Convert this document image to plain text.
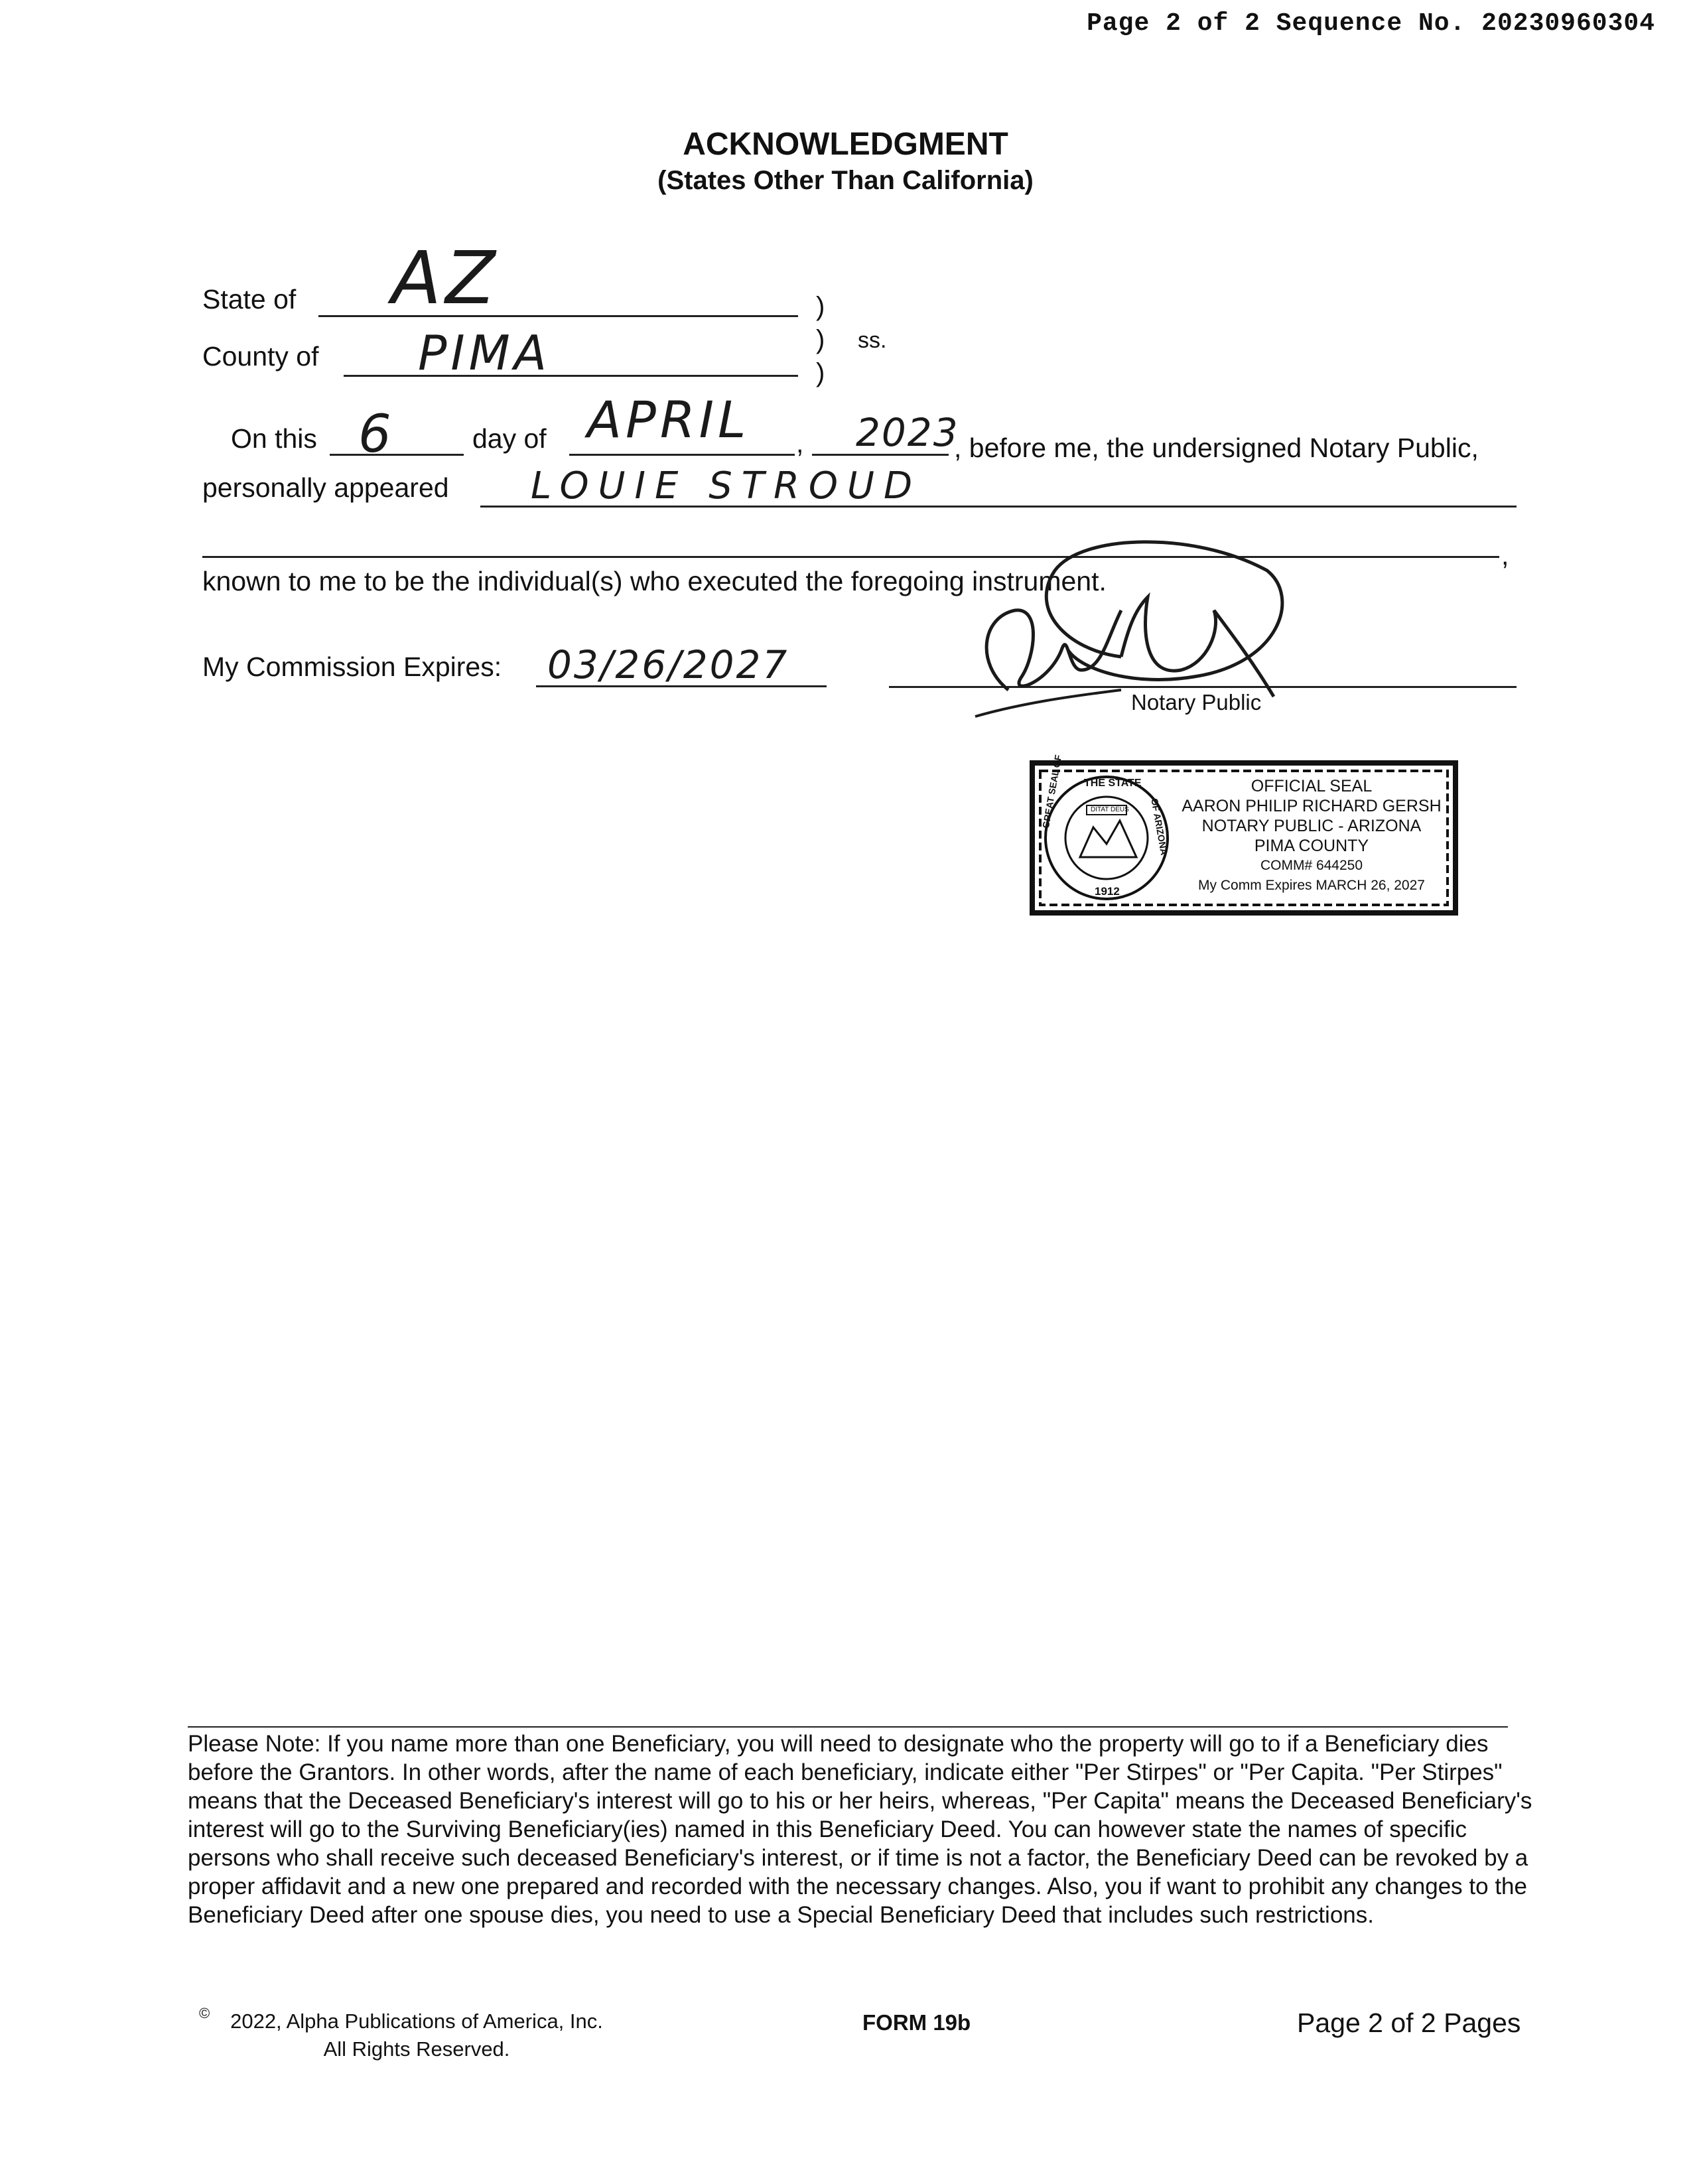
Page 2 of 2 Sequence No. 20230960304
ACKNOWLEDGMENT
(States Other Than California)
State of AZ
County of PIMA
)
)
)
ss.
On this 6	day of APRIL , 2023
, before me, the undersigned Notary Public,
personally appeared LOUIE STROUD
,
known to me to be the individual(s) who executed the foregoing instrument.
My Commission Expires: 03/26/2027
Notary Public
THE STATE
GREAT SEAL OF	OF ARIZONA
1912
DITAT DEUS
OFFICIAL SEAL
AARON PHILIP RICHARD GERSH
NOTARY PUBLIC - ARIZONA
PIMA COUNTY
COMM# 644250
My Comm Expires MARCH 26, 2027
Please Note: If you name more than one Beneficiary, you will need to designate who the property will go to if a Beneficiary dies before the Grantors. In other words, after the name of each beneficiary, indicate either "Per Stirpes" or "Per Capita. "Per Stirpes" means that the Deceased Beneficiary's interest will go to his or her heirs, whereas, "Per Capita" means the Deceased Beneficiary's interest will go to the Surviving Beneficiary(ies) named in this Beneficiary Deed. You can however state the names of specific persons who shall receive such deceased Beneficiary's interest, or if time is not a factor, the Beneficiary Deed can be revoked by a proper affidavit and a new one prepared and recorded with the necessary changes. Also, you if want to prohibit any changes to the Beneficiary Deed after one spouse dies, you need to use a Special Beneficiary Deed that includes such restrictions.
© 2022, Alpha Publications of America, Inc.
All Rights Reserved.
FORM 19b	Page 2 of 2 Pages
